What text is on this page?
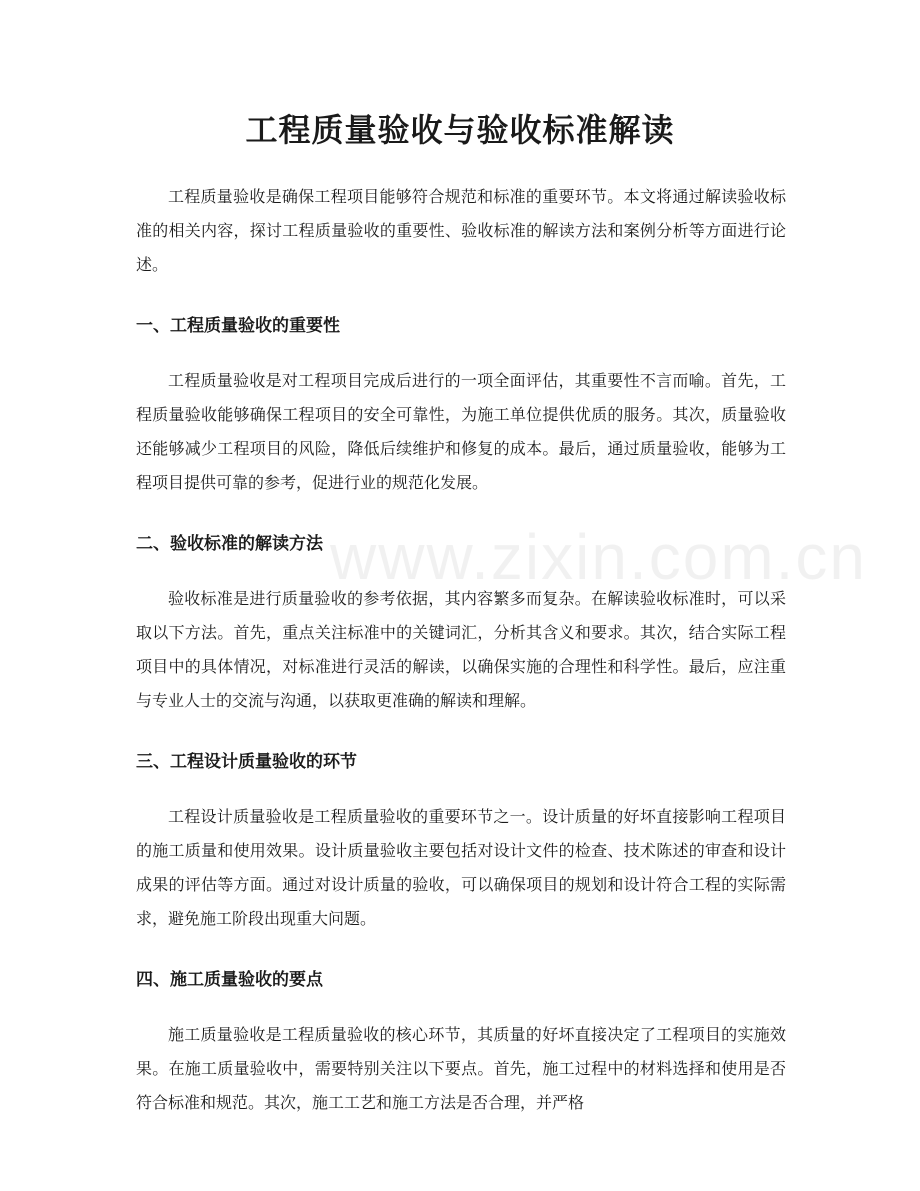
www.zixin.com.cn
工程质量验收与验收标准解读

工程质量验收是确保工程项目能够符合规范和标准的重要环节。本文将通过解读验收标准的相关内容，探讨工程质量验收的重要性、验收标准的解读方法和案例分析等方面进行论述。

一、工程质量验收的重要性

工程质量验收是对工程项目完成后进行的一项全面评估，其重要性不言而喻。首先，工程质量验收能够确保工程项目的安全可靠性，为施工单位提供优质的服务。其次，质量验收还能够减少工程项目的风险，降低后续维护和修复的成本。最后，通过质量验收，能够为工程项目提供可靠的参考，促进行业的规范化发展。

二、验收标准的解读方法

验收标准是进行质量验收的参考依据，其内容繁多而复杂。在解读验收标准时，可以采取以下方法。首先，重点关注标准中的关键词汇，分析其含义和要求。其次，结合实际工程项目中的具体情况，对标准进行灵活的解读，以确保实施的合理性和科学性。最后，应注重与专业人士的交流与沟通，以获取更准确的解读和理解。

三、工程设计质量验收的环节

工程设计质量验收是工程质量验收的重要环节之一。设计质量的好坏直接影响工程项目的施工质量和使用效果。设计质量验收主要包括对设计文件的检查、技术陈述的审查和设计成果的评估等方面。通过对设计质量的验收，可以确保项目的规划和设计符合工程的实际需求，避免施工阶段出现重大问题。

四、施工质量验收的要点

施工质量验收是工程质量验收的核心环节，其质量的好坏直接决定了工程项目的实施效果。在施工质量验收中，需要特别关注以下要点。首先，施工过程中的材料选择和使用是否符合标准和规范。其次，施工工艺和施工方法是否合理，并严格
